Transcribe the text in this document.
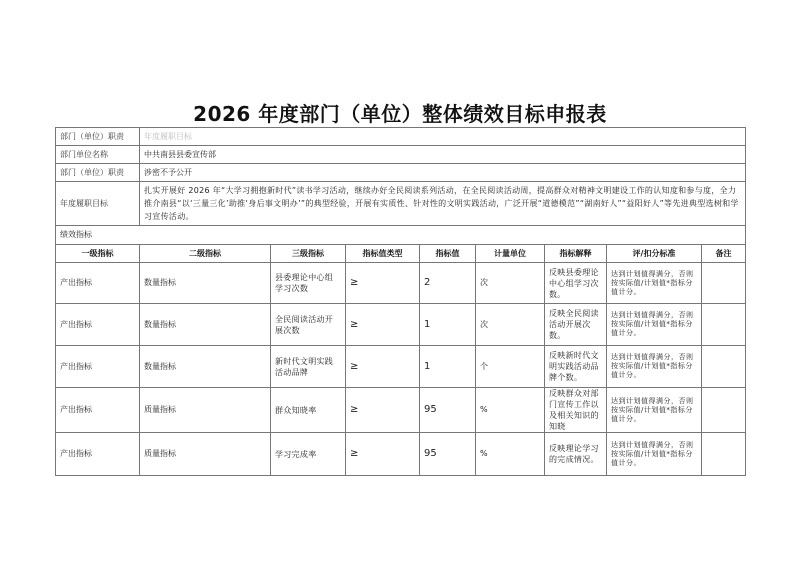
2026 年度部门（单位）整体绩效目标申报表
部门（单位）职责	年度履职目标							
部门单位名称	中共南县县委宣传部							
部门（单位）职责	涉密不予公开							
年度履职目标	扎实开展好 2026 年“大学习拥抱新时代”读书学习活动，继续办好全民阅读系列活动，在全民阅读活动周，提高群众对精神文明建设工作的认知度和参与度，全力推介南县“以‘三量三化’助推‘身后事文明办’”的典型经验，开展有实质性、针对性的文明实践活动，广泛开展“道德模范”“湖南好人”“益阳好人”等先进典型选树和学习宣传活动。							
绩效指标								
一级指标	二级指标	三级指标	指标值类型	指标值	计量单位	指标解释	评/扣分标准	备注
产出指标	数量指标	县委理论中心组学习次数	≥	2	次	反映县委理论中心组学习次数。	达到计划值得满分，否则按实际值/计划值*指标分值计分。	
产出指标	数量指标	全民阅读活动开展次数	≥	1	次	反映全民阅读活动开展次数。	达到计划值得满分，否则按实际值/计划值*指标分值计分。	
产出指标	数量指标	新时代文明实践活动品牌	≥	1	个	反映新时代文明实践活动品牌个数。	达到计划值得满分，否则按实际值/计划值*指标分值计分。	
产出指标	质量指标	群众知晓率	≥	95	%	反映群众对部门宣传工作以及相关知识的知晓	达到计划值得满分，否则按实际值/计划值*指标分值计分。	
产出指标	质量指标	学习完成率	≥	95	%	反映理论学习的完成情况。	达到计划值得满分，否则按实际值/计划值*指标分值计分。	
